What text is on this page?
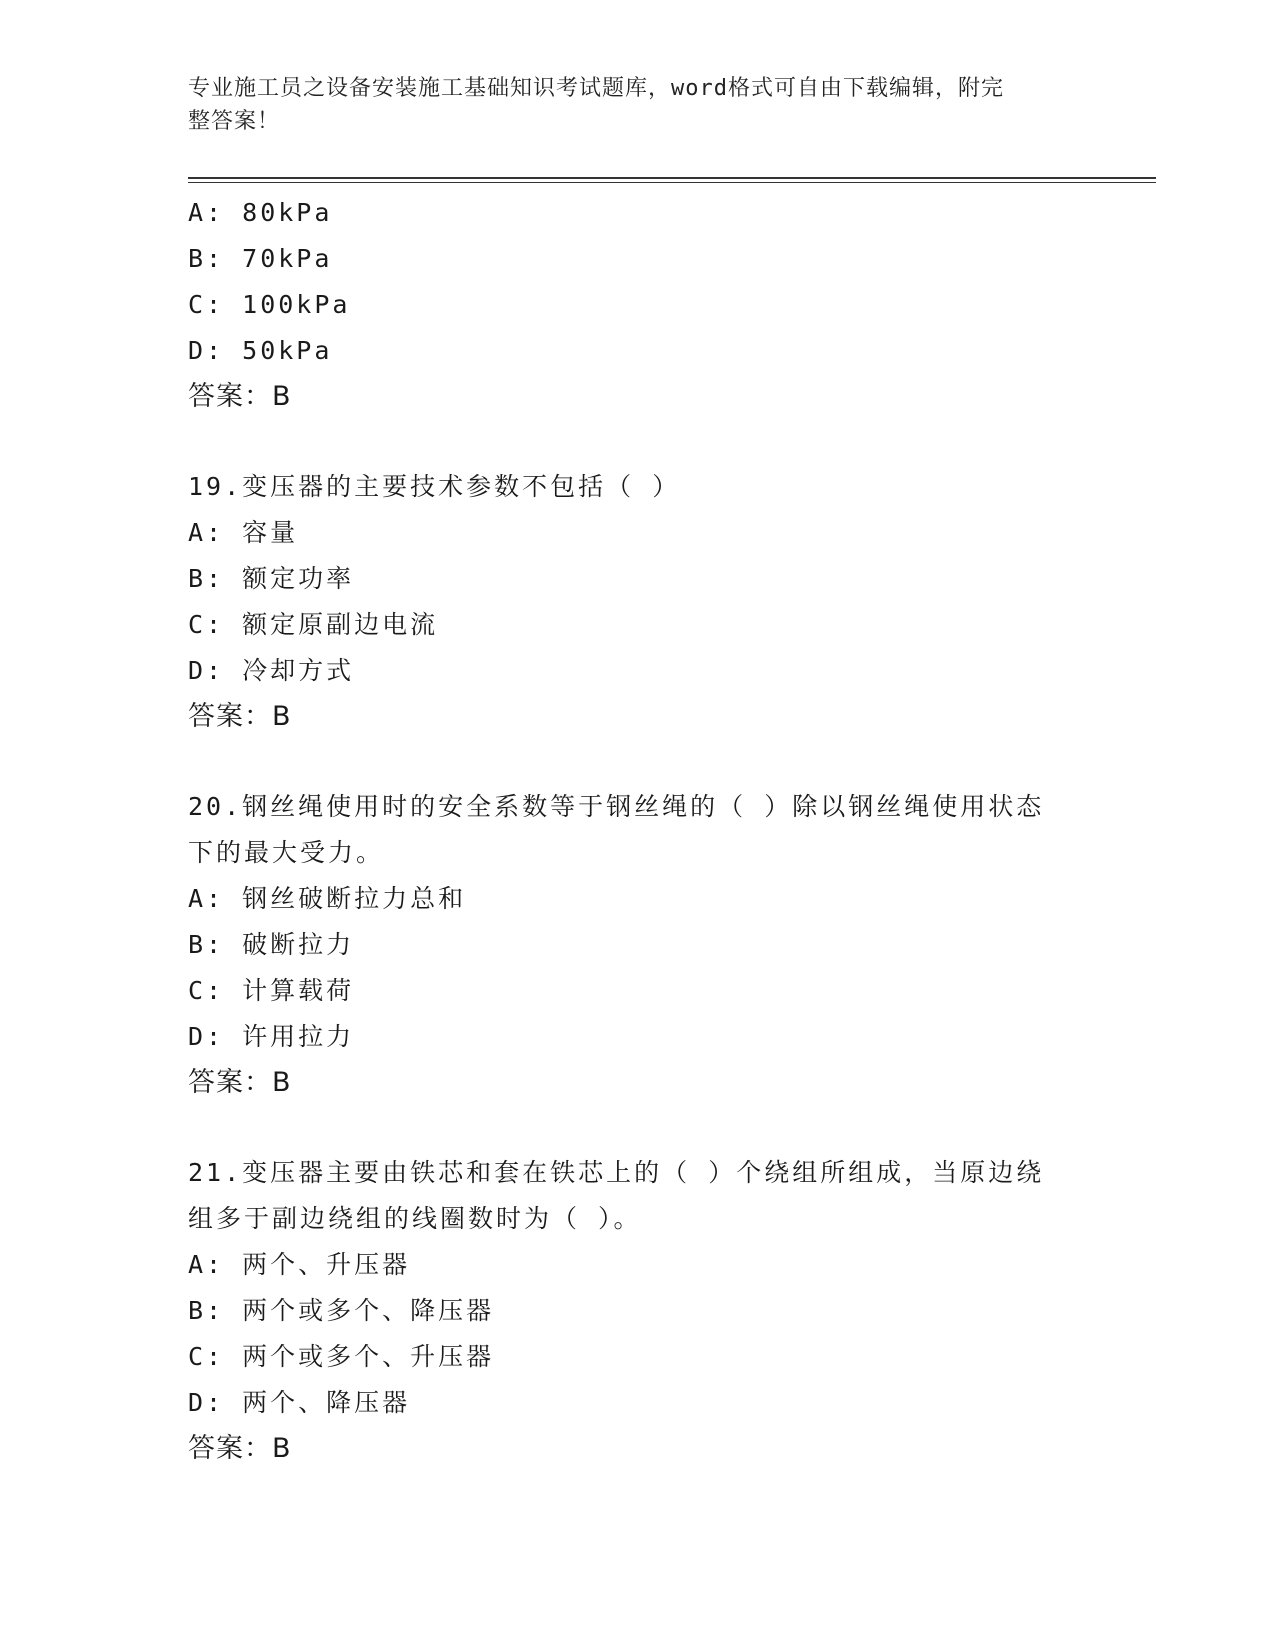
专业施工员之设备安装施工基础知识考试题库，word格式可自由下载编辑，附完
整答案！
A: 80kPa
B: 70kPa
C: 100kPa
D: 50kPa
答案：B
19.变压器的主要技术参数不包括（ ）
A: 容量
B: 额定功率
C: 额定原副边电流
D: 冷却方式
答案：B
20.钢丝绳使用时的安全系数等于钢丝绳的（ ）除以钢丝绳使用状态
下的最大受力。
A: 钢丝破断拉力总和
B: 破断拉力
C: 计算载荷
D: 许用拉力
答案：B
21.变压器主要由铁芯和套在铁芯上的（ ）个绕组所组成，当原边绕
组多于副边绕组的线圈数时为（ ）。
A: 两个、升压器
B: 两个或多个、降压器
C: 两个或多个、升压器
D: 两个、降压器
答案：B
